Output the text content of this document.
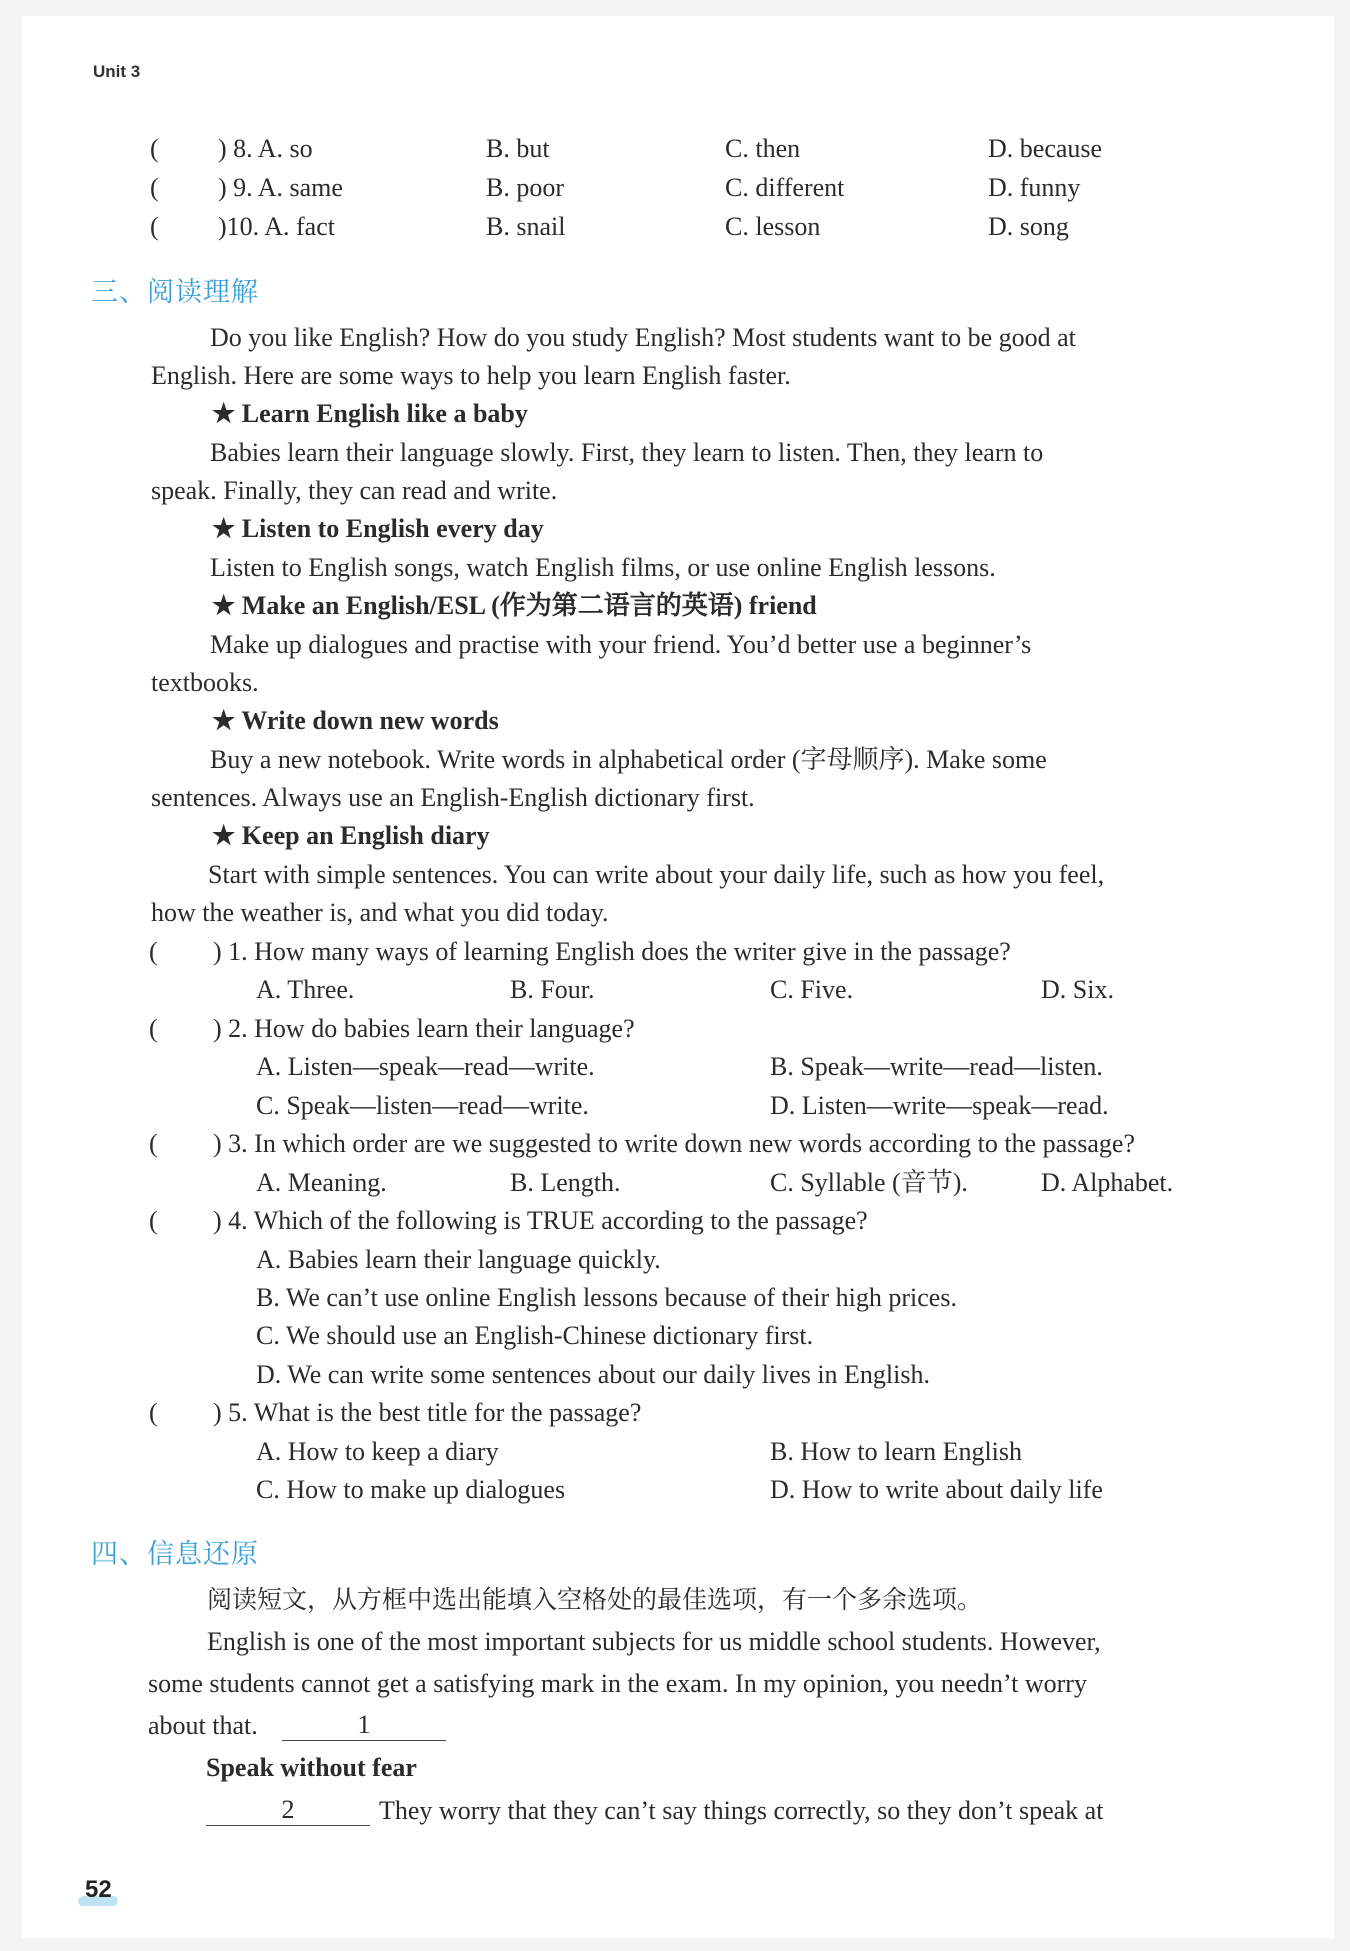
Unit 3
( ) 8. A. so	B. but	C. then	D. because
( ) 9. A. same	B. poor	C. different	D. funny
( )10. A. fact	B. snail	C. lesson	D. song
三、阅读理解
Do you like English? How do you study English? Most students want to be good at
English. Here are some ways to help you learn English faster.
★ Learn English like a baby
Babies learn their language slowly. First, they learn to listen. Then, they learn to
speak. Finally, they can read and write.
★ Listen to English every day
Listen to English songs, watch English films, or use online English lessons.
★ Make an English/ESL (作为第二语言的英语) friend
Make up dialogues and practise with your friend. You’d better use a beginner’s
textbooks.
★ Write down new words
Buy a new notebook. Write words in alphabetical order (字母顺序). Make some
sentences. Always use an English-English dictionary first.
★ Keep an English diary
Start with simple sentences. You can write about your daily life, such as how you feel,
how the weather is, and what you did today.
( ) 1. How many ways of learning English does the writer give in the passage?
A. Three.	B. Four.	C. Five.	D. Six.
( ) 2. How do babies learn their language?
A. Listen—speak—read—write.	B. Speak—write—read—listen.
C. Speak—listen—read—write.	D. Listen—write—speak—read.
( ) 3. In which order are we suggested to write down new words according to the passage?
A. Meaning.	B. Length.	C. Syllable (音节).	D. Alphabet.
( ) 4. Which of the following is TRUE according to the passage?
A. Babies learn their language quickly.
B. We can’t use online English lessons because of their high prices.
C. We should use an English-Chinese dictionary first.
D. We can write some sentences about our daily lives in English.
( ) 5. What is the best title for the passage?
A. How to keep a diary	B. How to learn English
C. How to make up dialogues	D. How to write about daily life
四、信息还原
阅读短文，从方框中选出能填入空格处的最佳选项，有一个多余选项。
English is one of the most important subjects for us middle school students. However,
some students cannot get a satisfying mark in the exam. In my opinion, you needn’t worry
about that.	1
Speak without fear
2	They worry that they can’t say things correctly, so they don’t speak at
52
